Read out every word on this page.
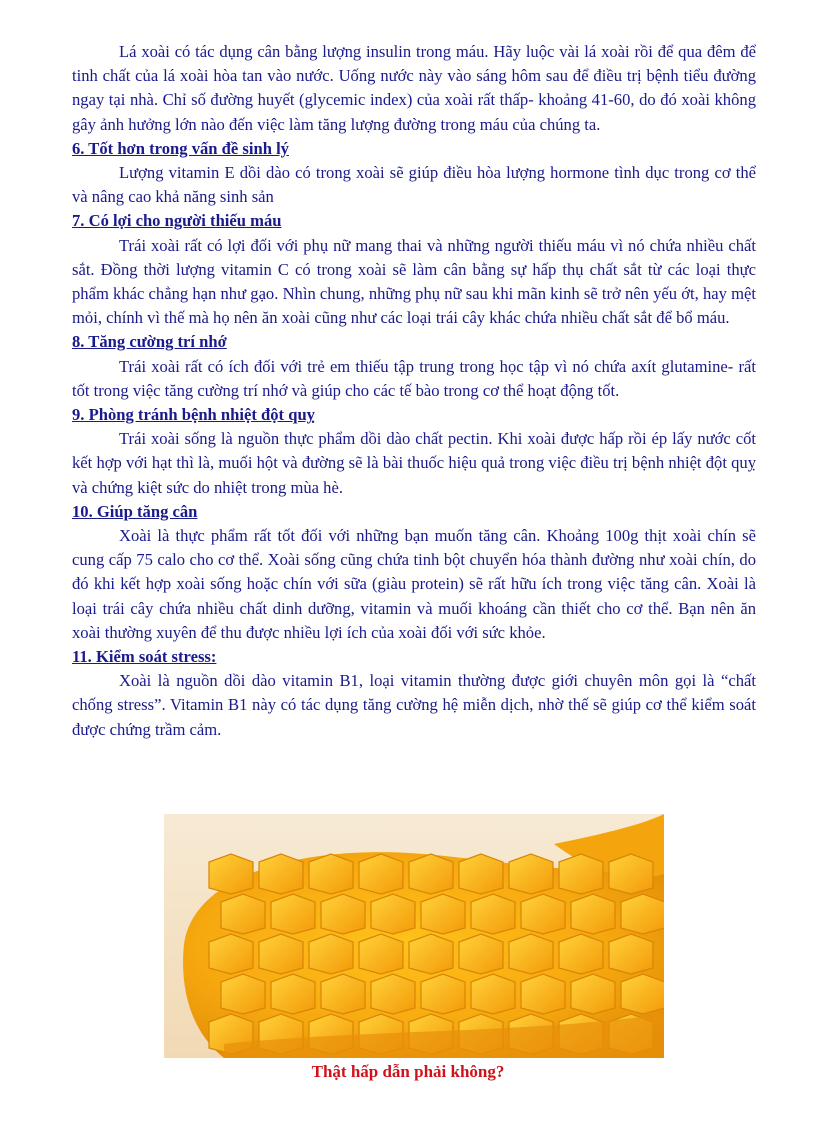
Lá xoài có tác dụng cân bằng lượng insulin trong máu. Hãy luộc vài lá xoài rồi để qua đêm để tinh chất của lá xoài hòa tan vào nước. Uống nước này vào sáng hôm sau để điều trị bệnh tiểu đường ngay tại nhà. Chỉ số đường huyết (glycemic index) của xoài rất thấp- khoảng 41-60, do đó xoài không gây ảnh hưởng lớn nào đến việc làm tăng lượng đường trong máu của chúng ta.

6. Tốt hơn trong vấn đề sinh lý

Lượng vitamin E dồi dào có trong xoài sẽ giúp điều hòa lượng hormone tình dục trong cơ thể và nâng cao khả năng sinh sản

7. Có lợi cho người thiếu máu

Trái xoài rất có lợi đối với phụ nữ mang thai và những người thiếu máu vì nó chứa nhiều chất sắt. Đồng thời lượng vitamin C có trong xoài sẽ làm cân bằng sự hấp thụ chất sắt từ các loại thực phẩm khác chẳng hạn như gạo. Nhìn chung, những phụ nữ sau khi mãn kinh sẽ trở nên yếu ớt, hay mệt mỏi, chính vì thế mà họ nên ăn xoài cũng như các loại trái cây khác chứa nhiều chất sắt để bổ máu.

8. Tăng cường trí nhớ

Trái xoài rất có ích đối với trẻ em thiếu tập trung trong học tập vì nó chứa axít glutamine- rất tốt trong việc tăng cường trí nhớ và giúp cho các tế bào trong cơ thể hoạt động tốt.

9. Phòng tránh bệnh nhiệt đột quỵ

Trái xoài sống là nguồn thực phẩm dồi dào chất pectin. Khi xoài được hấp rồi ép lấy nước cốt kết hợp với hạt thì là, muối hột và đường sẽ là bài thuốc hiệu quả trong việc điều trị bệnh nhiệt đột quỵ và chứng kiệt sức do nhiệt trong mùa hè.

10. Giúp tăng cân

Xoài là thực phẩm rất tốt đối với những bạn muốn tăng cân. Khoảng 100g thịt xoài chín sẽ cung cấp 75 calo cho cơ thể. Xoài sống cũng chứa tinh bột chuyển hóa thành đường như xoài chín, do đó khi kết hợp xoài sống hoặc chín với sữa (giàu protein) sẽ rất hữu ích trong việc tăng cân. Xoài là loại trái cây chứa nhiều chất dinh dưỡng, vitamin và muối khoáng cần thiết cho cơ thể. Bạn nên ăn xoài thường xuyên để thu được nhiều lợi ích của xoài đối với sức khỏe.

11. Kiểm soát stress:

Xoài là nguồn dồi dào vitamin B1, loại vitamin thường được giới chuyên môn gọi là “chất chống stress”. Vitamin B1 này có tác dụng tăng cường hệ miễn dịch, nhờ thế sẽ giúp cơ thể kiểm soát được chứng trầm cảm.

Thật hấp dẫn phải không?
